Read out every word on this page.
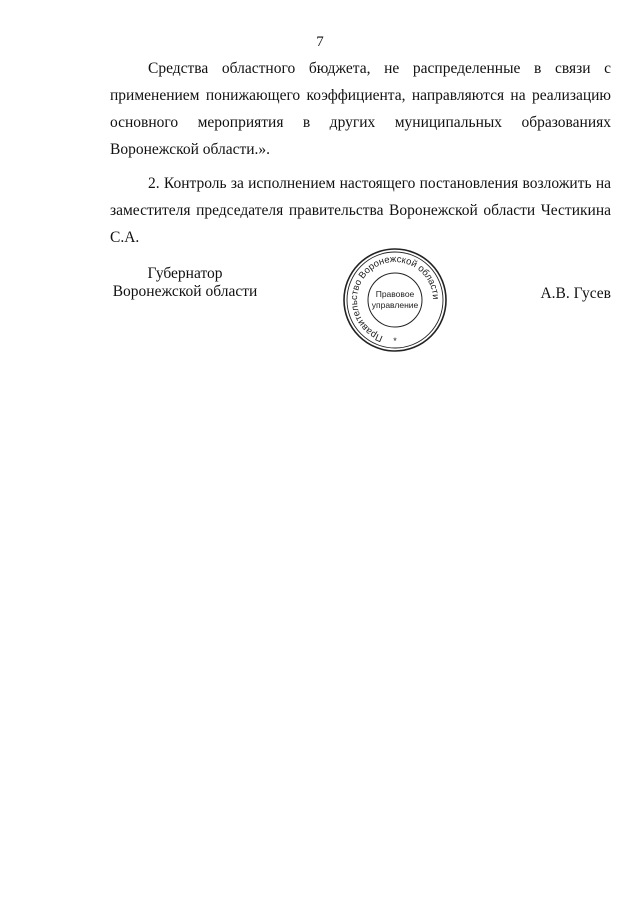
7

Средства областного бюджета, не распределенные в связи с применением понижающего коэффициента, направляются на реализацию основного мероприятия в других муниципальных образованиях Воронежской области.».

2. Контроль за исполнением настоящего постановления возложить на заместителя председателя правительства Воронежской области Честикина С.А.

Губернатор
Воронежской области
Правительство Воронежской области
Правовое
управление
*
А.В. Гусев
